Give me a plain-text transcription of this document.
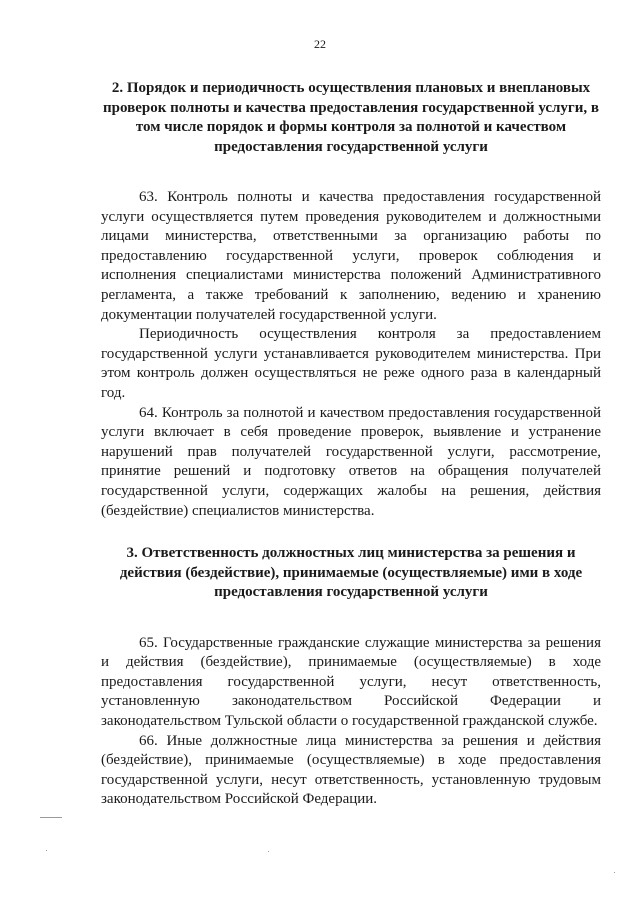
22

2. Порядок и периодичность осуществления плановых и внеплановых проверок полноты и качества предоставления государственной услуги, в том числе порядок и формы контроля за полнотой и качеством предоставления государственной услуги

63. Контроль полноты и качества предоставления государственной услуги осуществляется путем проведения руководителем и должностными лицами министерства, ответственными за организацию работы по предоставлению государственной услуги, проверок соблюдения и исполнения специалистами министерства положений Административного регламента, а также требований к заполнению, ведению и хранению документации получателей государственной услуги.

Периодичность осуществления контроля за предоставлением государственной услуги устанавливается руководителем министерства. При этом контроль должен осуществляться не реже одного раза в календарный год.

64. Контроль за полнотой и качеством предоставления государственной услуги включает в себя проведение проверок, выявление и устранение нарушений прав получателей государственной услуги, рассмотрение, принятие решений и подготовку ответов на обращения получателей государственной услуги, содержащих жалобы на решения, действия (бездействие) специалистов министерства.

3. Ответственность должностных лиц министерства за решения и действия (бездействие), принимаемые (осуществляемые) ими в ходе предоставления государственной услуги

65. Государственные гражданские служащие министерства за решения и действия (бездействие), принимаемые (осуществляемые) в ходе предоставления государственной услуги, несут ответственность, установленную законодательством Российской Федерации и законодательством Тульской области о государственной гражданской службе.

66. Иные должностные лица министерства за решения и действия (бездействие), принимаемые (осуществляемые) в ходе предоставления государственной услуги, несут ответственность, установленную трудовым законодательством Российской Федерации.
